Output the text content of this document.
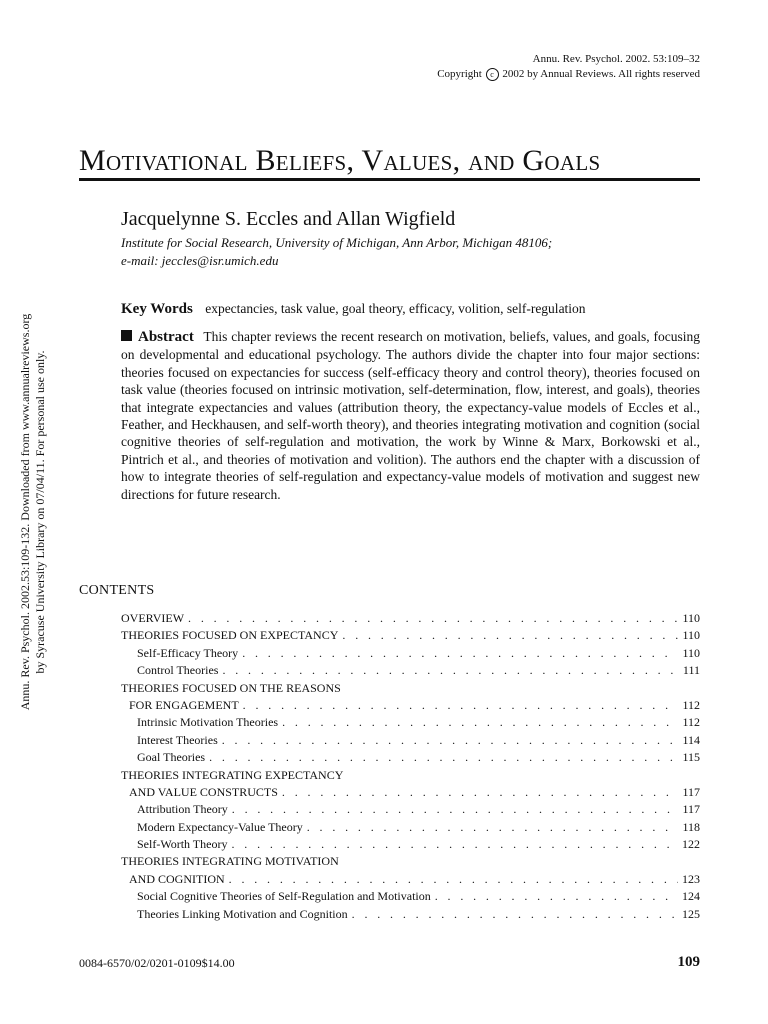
Annu. Rev. Psychol. 2002. 53:109–32
Copyright c 2002 by Annual Reviews. All rights reserved
Motivational Beliefs, Values, and Goals
Jacquelynne S. Eccles and Allan Wigfield
Institute for Social Research, University of Michigan, Ann Arbor, Michigan 48106;
e-mail: jeccles@isr.umich.edu
Key Words expectancies, task value, goal theory, efficacy, volition, self-regulation

Abstract This chapter reviews the recent research on motivation, beliefs, values, and goals, focusing on developmental and educational psychology. The authors divide the chapter into four major sections: theories focused on expectancies for success (self-efficacy theory and control theory), theories focused on task value (theories focused on intrinsic motivation, self-determination, flow, interest, and goals), theories that integrate expectancies and values (attribution theory, the expectancy-value models of Eccles et al., Feather, and Heckhausen, and self-worth theory), and theories integrating motivation and cognition (social cognitive theories of self-regulation and motivation, the work by Winne & Marx, Borkowski et al., Pintrich et al., and theories of motivation and volition). The authors end the chapter with a discussion of how to integrate theories of self-regulation and expectancy-value models of motivation and suggest new directions for future research.

CONTENTS
OVERVIEW . . .	110
THEORIES FOCUSED ON EXPECTANCY . . .	110
Self-Efficacy Theory . . .	110
Control Theories . . .	111
THEORIES FOCUSED ON THE REASONS
FOR ENGAGEMENT . . .	112
Intrinsic Motivation Theories . . .	112
Interest Theories . . .	114
Goal Theories . . .	115
THEORIES INTEGRATING EXPECTANCY
AND VALUE CONSTRUCTS . . .	117
Attribution Theory . . .	117
Modern Expectancy-Value Theory . . .	118
Self-Worth Theory . . .	122
THEORIES INTEGRATING MOTIVATION
AND COGNITION . . .	123
Social Cognitive Theories of Self-Regulation and Motivation . . .	124
Theories Linking Motivation and Cognition . . .	125
0084-6570/02/0201-0109$14.00	109
Annu. Rev. Psychol. 2002.53:109-132. Downloaded from www.annualreviews.org by Syracuse University Library on 07/04/11. For personal use only.
